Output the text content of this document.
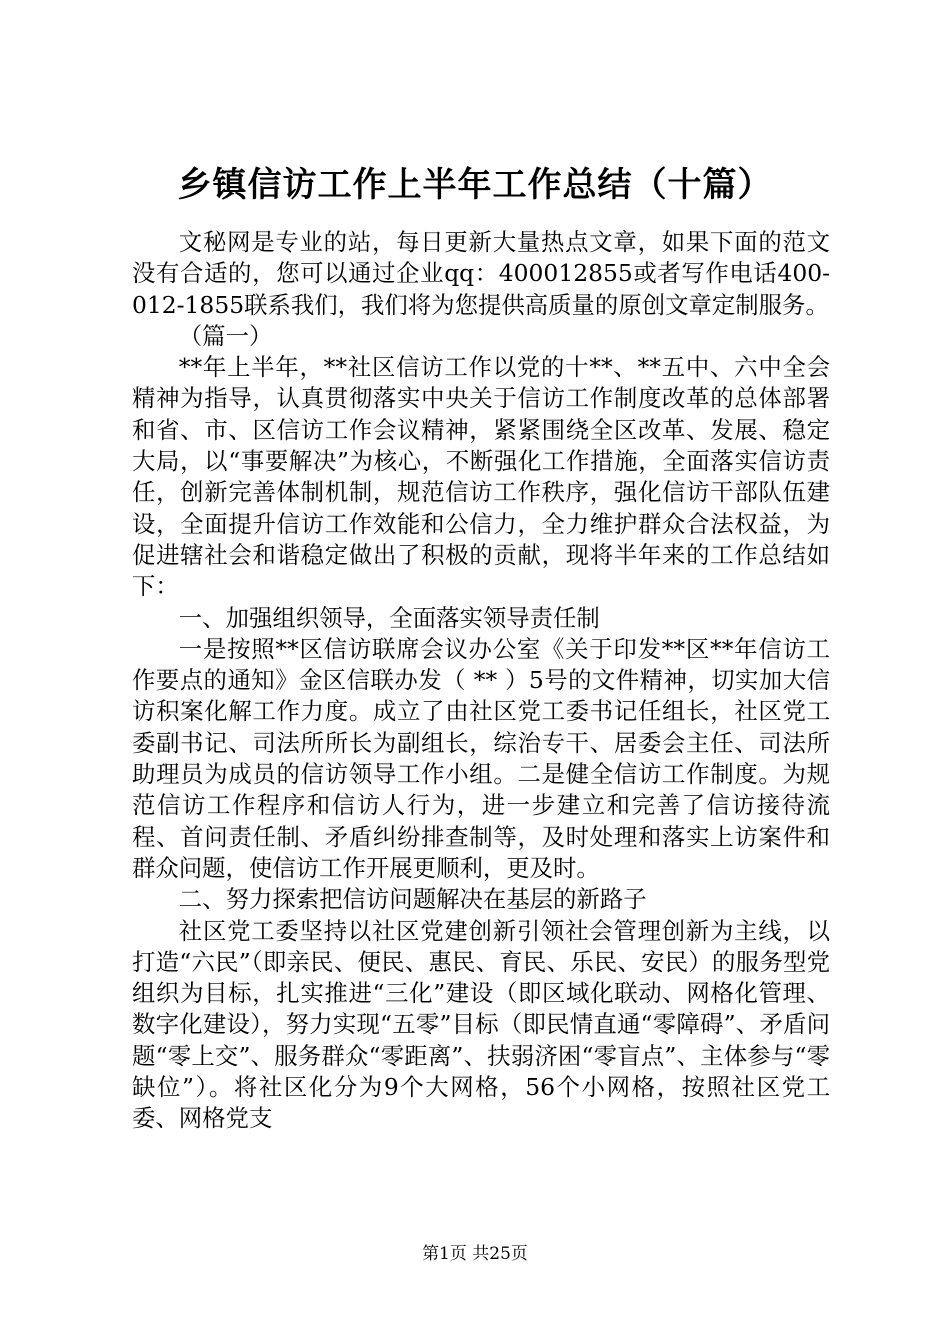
乡镇信访工作上半年工作总结（十篇）

文秘网是专业的站，每日更新大量热点文章，如果下面的范文没有合适的，您可以通过企业qq：400012855或者写作电话400-012-1855联系我们，我们将为您提供高质量的原创文章定制服务。

（篇一）

**年上半年，**社区信访工作以党的十**、**五中、六中全会精神为指导，认真贯彻落实中央关于信访工作制度改革的总体部署和省、市、区信访工作会议精神，紧紧围绕全区改革、发展、稳定大局，以“事要解决”为核心，不断强化工作措施，全面落实信访责任，创新完善体制机制，规范信访工作秩序，强化信访干部队伍建设，全面提升信访工作效能和公信力，全力维护群众合法权益，为促进辖社会和谐稳定做出了积极的贡献，现将半年来的工作总结如下：

一、加强组织领导，全面落实领导责任制

一是按照**区信访联席会议办公室《关于印发**区**年信访工作要点的通知》金区信联办发（ ** ）5号的文件精神，切实加大信访积案化解工作力度。成立了由社区党工委书记任组长，社区党工委副书记、司法所所长为副组长，综治专干、居委会主任、司法所助理员为成员的信访领导工作小组。二是健全信访工作制度。为规范信访工作程序和信访人行为，进一步建立和完善了信访接待流程、首问责任制、矛盾纠纷排查制等，及时处理和落实上访案件和群众问题，使信访工作开展更顺利，更及时。

二、努力探索把信访问题解决在基层的新路子

社区党工委坚持以社区党建创新引领社会管理创新为主线，以打造“六民”（即亲民、便民、惠民、育民、乐民、安民）的服务型党组织为目标，扎实推进“三化”建设（即区域化联动、网格化管理、数字化建设），努力实现“五零”目标（即民情直通“零障碍”、矛盾问题“零上交”、服务群众“零距离”、扶弱济困“零盲点”、主体参与“零缺位”）。将社区化分为9个大网格，56个小网格，按照社区党工委、网格党支

第1页 共25页
